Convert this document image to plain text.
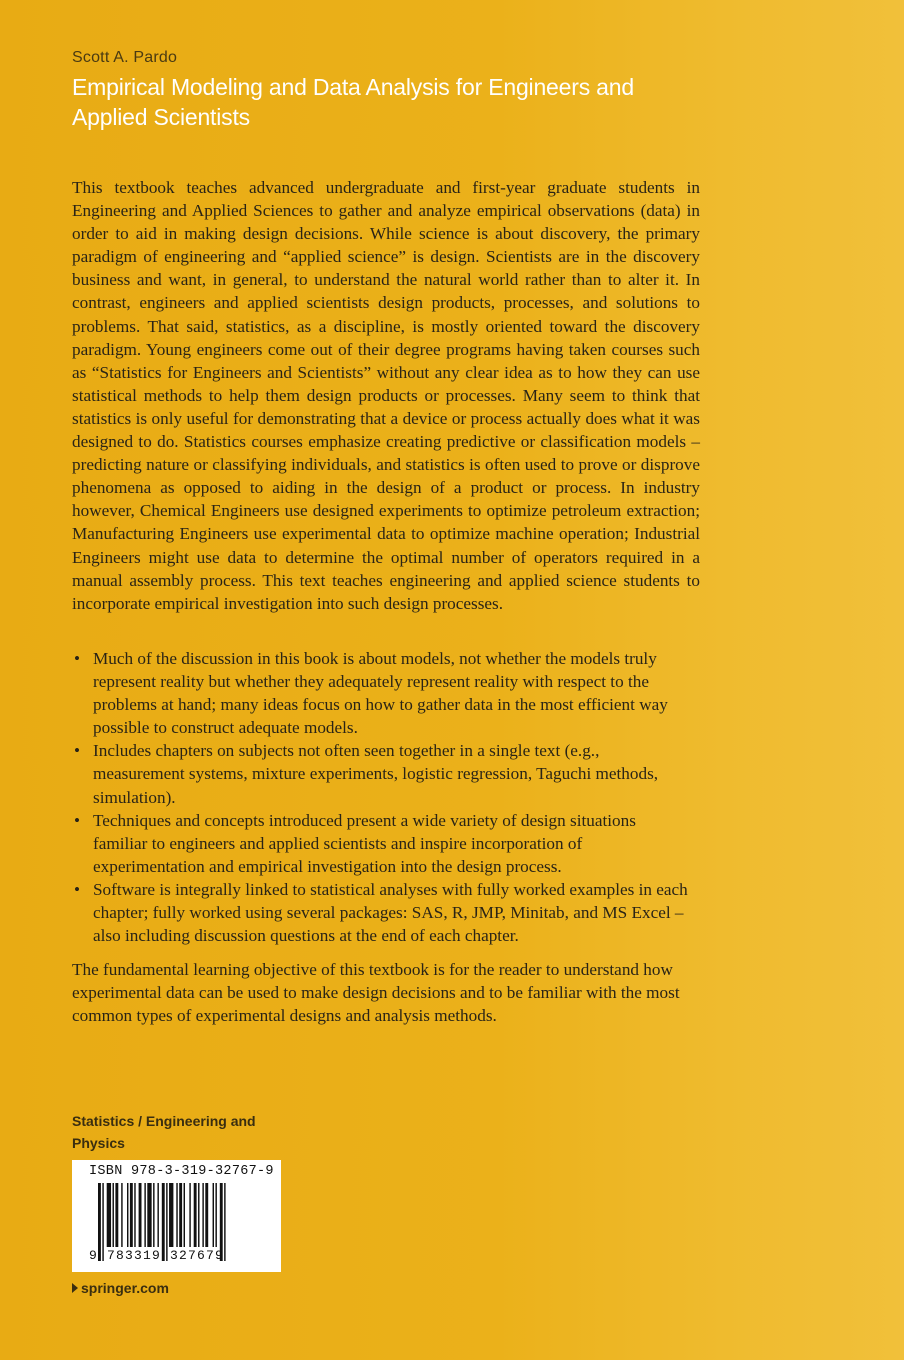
Scott A. Pardo
Empirical Modeling and Data Analysis for Engineers and Applied Scientists

This textbook teaches advanced undergraduate and first-year graduate students in Engineering and Applied Sciences to gather and analyze empirical observations (data) in order to aid in making design decisions. While science is about discovery, the primary paradigm of engineering and “applied science” is design. Scientists are in the discovery business and want, in general, to understand the natural world rather than to alter it. In contrast, engineers and applied scientists design products, processes, and solutions to problems. That said, statistics, as a discipline, is mostly oriented toward the discovery paradigm. Young engineers come out of their degree programs having taken courses such as “Statistics for Engineers and Scientists” without any clear idea as to how they can use statistical methods to help them design products or processes. Many seem to think that statistics is only useful for demonstrating that a device or process actually does what it was designed to do. Statistics courses emphasize creating predictive or classification models – predicting nature or classifying individuals, and statistics is often used to prove or disprove phenomena as opposed to aiding in the design of a product or process. In industry however, Chemical Engineers use designed experiments to optimize petroleum extraction; Manufacturing Engineers use experimental data to optimize machine operation; Industrial Engineers might use data to determine the optimal number of operators required in a manual assembly process. This text teaches engineering and applied science students to incorporate empirical investigation into such design processes.

• Much of the discussion in this book is about models, not whether the models truly represent reality but whether they adequately represent reality with respect to the problems at hand; many ideas focus on how to gather data in the most efficient way possible to construct adequate models.
• Includes chapters on subjects not often seen together in a single text (e.g., measurement systems, mixture experiments, logistic regression, Taguchi methods, simulation).
• Techniques and concepts introduced present a wide variety of design situations familiar to engineers and applied scientists and inspire incorporation of experimentation and empirical investigation into the design process.
• Software is integrally linked to statistical analyses with fully worked examples in each chapter; fully worked using several packages: SAS, R, JMP, Minitab, and MS Excel – also including discussion questions at the end of each chapter.

The fundamental learning objective of this textbook is for the reader to understand how experimental data can be used to make design decisions and to be familiar with the most common types of experimental designs and analysis methods.

Statistics / Engineering and Physics

ISBN 978-3-319-32767-9
9 783319 327679
springer.com
